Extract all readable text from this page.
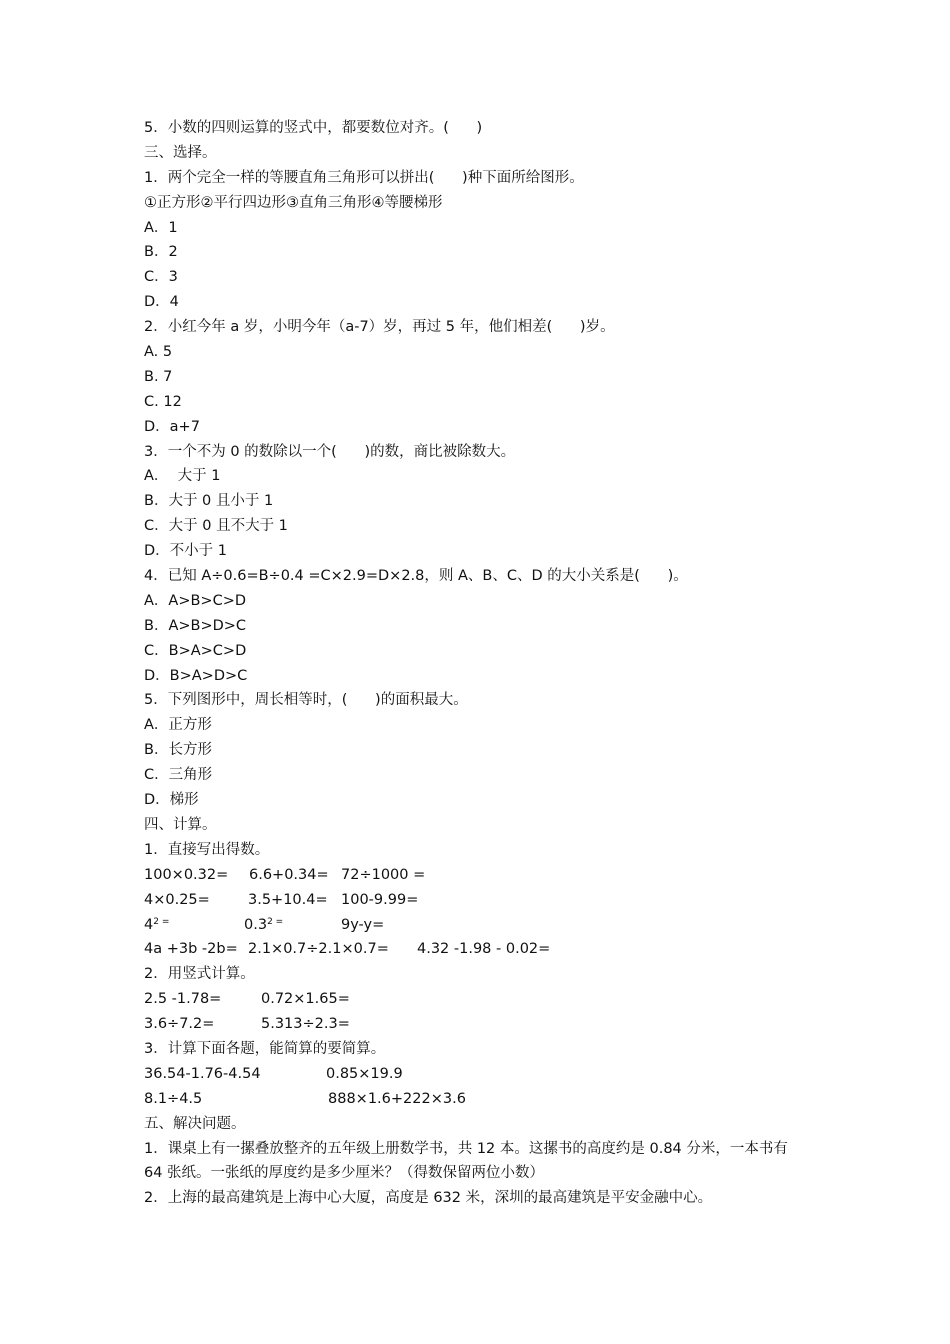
5．小数的四则运算的竖式中，都要数位对齐。(      )
三、选择。
1．两个完全一样的等腰直角三角形可以拼出(      )种下面所给图形。
①正方形②平行四边形③直角三角形④等腰梯形
A．1
B．2
C．3
D．4
2．小红今年 a 岁，小明今年（a-7）岁，再过 5 年，他们相差(      )岁。
A. 5
B. 7
C. 12
D．a+7
3．一个不为 0 的数除以一个(      )的数，商比被除数大。
A．  大于 1
B．大于 0 且小于 1
C．大于 0 且不大于 1
D．不小于 1
4．已知 A÷0.6=B÷0.4 =C×2.9=D×2.8，则 A、B、C、D 的大小关系是(      )。
A．A>B>C>D
B．A>B>D>C
C．B>A>C>D
D．B>A>D>C
5．下列图形中，周长相等时，(      )的面积最大。
A．正方形
B．长方形
C．三角形
D．梯形
四、计算。
1．直接写出得数。
100×0.32=	6.6+0.34= 72÷1000 =
4×0.25=	3.5+10.4= 100-9.99=
$4^2$ =	$0.3^2$ =	9y-y=
4a +3b -2b= 2.1×0.7÷2.1×0.7=	4.32 -1.98 - 0.02=
2．用竖式计算。
2.5 -1.78=	0.72×1.65=
3.6÷7.2=	5.313÷2.3=
3．计算下面各题，能简算的要简算。
36.54-1.76-4.54	0.85×19.9
8.1÷4.5	888×1.6+222×3.6
五、解决问题。
1．课桌上有一摞叠放整齐的五年级上册数学书，共 12 本。这摞书的高度约是 0.84 分米，一本书有 64 张纸。一张纸的厚度约是多少厘米？（得数保留两位小数）
2．上海的最高建筑是上海中心大厦，高度是 632 米，深圳的最高建筑是平安金融中心。
